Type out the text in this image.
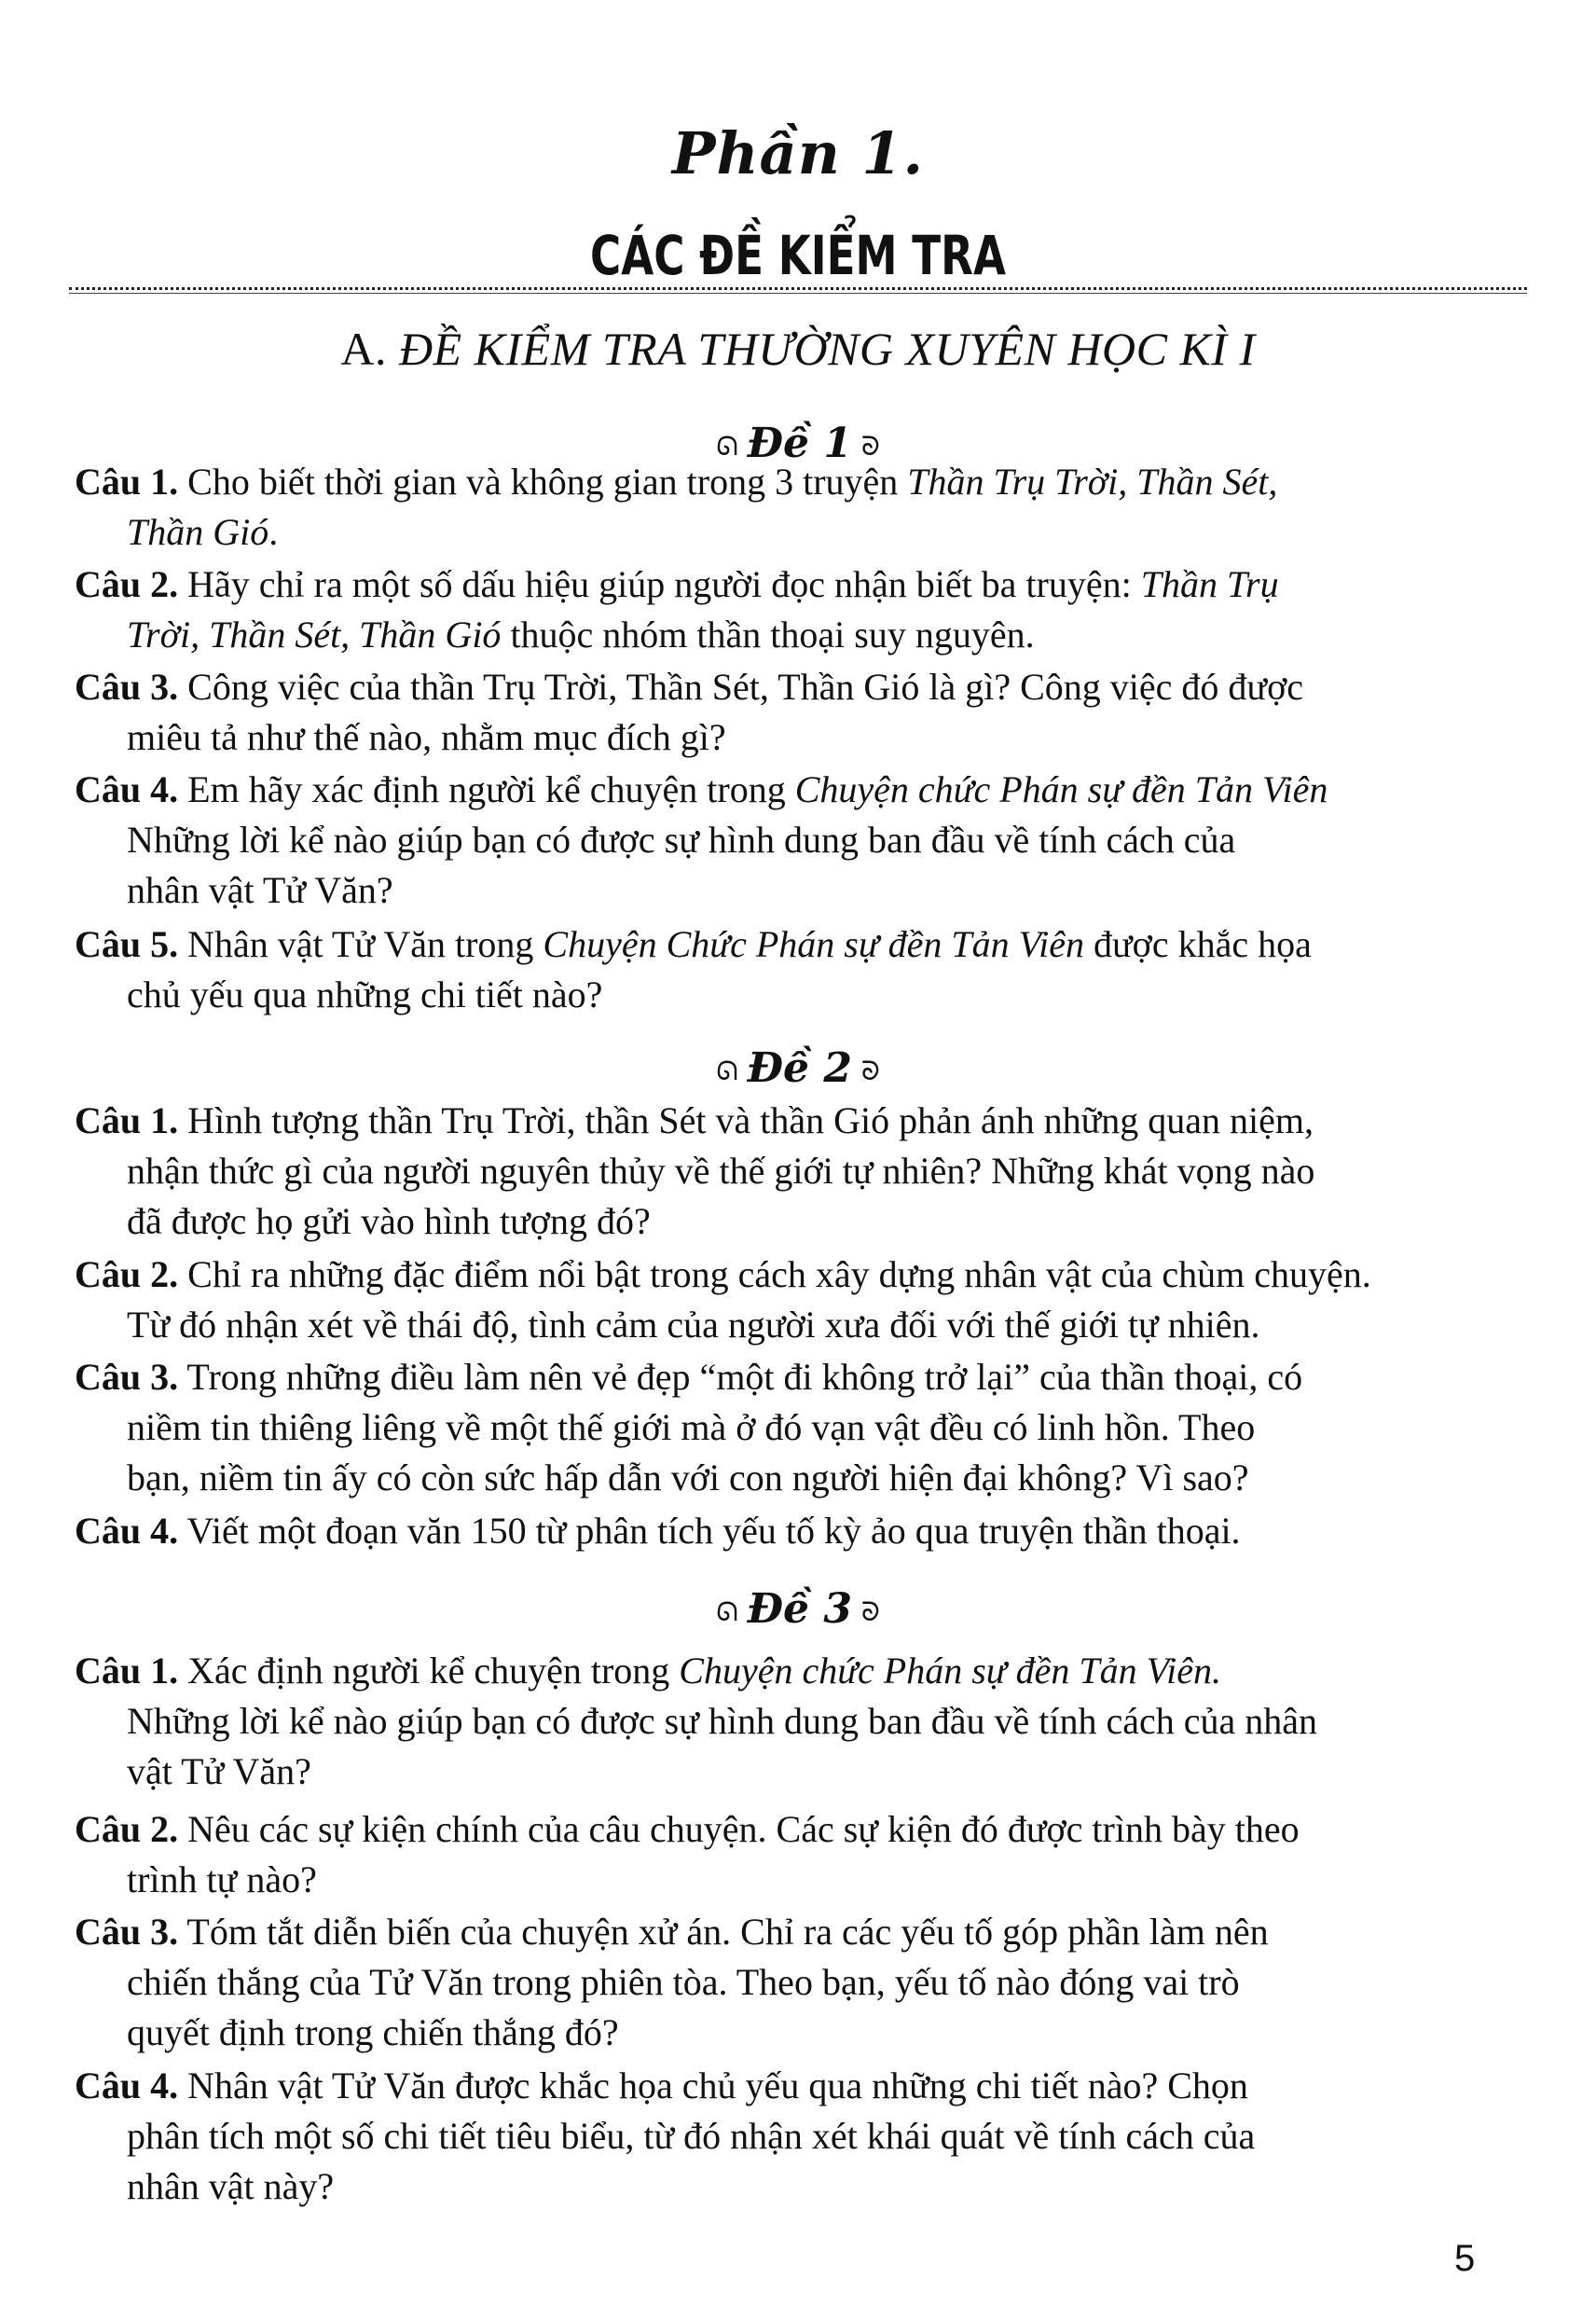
Phần 1.
CÁC ĐỀ KIỂM TRA
A. ĐỀ KIỂM TRA THƯỜNG XUYÊN HỌC KÌ I
ᘏ Đề 1 ᘐ
Câu 1. Cho biết thời gian và không gian trong 3 truyện Thần Trụ Trời, Thần Sét,
Thần Gió.
Câu 2. Hãy chỉ ra một số dấu hiệu giúp người đọc nhận biết ba truyện: Thần Trụ
Trời, Thần Sét, Thần Gió thuộc nhóm thần thoại suy nguyên.
Câu 3. Công việc của thần Trụ Trời, Thần Sét, Thần Gió là gì? Công việc đó được
miêu tả như thế nào, nhằm mục đích gì?
Câu 4. Em hãy xác định người kể chuyện trong Chuyện chức Phán sự đền Tản Viên
Những lời kể nào giúp bạn có được sự hình dung ban đầu về tính cách của
nhân vật Tử Văn?
Câu 5. Nhân vật Tử Văn trong Chuyện Chức Phán sự đền Tản Viên được khắc họa
chủ yếu qua những chi tiết nào?
ᘏ Đề 2 ᘐ
Câu 1. Hình tượng thần Trụ Trời, thần Sét và thần Gió phản ánh những quan niệm,
nhận thức gì của người nguyên thủy về thế giới tự nhiên? Những khát vọng nào
đã được họ gửi vào hình tượng đó?
Câu 2. Chỉ ra những đặc điểm nổi bật trong cách xây dựng nhân vật của chùm chuyện.
Từ đó nhận xét về thái độ, tình cảm của người xưa đối với thế giới tự nhiên.
Câu 3. Trong những điều làm nên vẻ đẹp “một đi không trở lại” của thần thoại, có
niềm tin thiêng liêng về một thế giới mà ở đó vạn vật đều có linh hồn. Theo
bạn, niềm tin ấy có còn sức hấp dẫn với con người hiện đại không? Vì sao?
Câu 4. Viết một đoạn văn 150 từ phân tích yếu tố kỳ ảo qua truyện thần thoại.
ᘏ Đề 3 ᘐ
Câu 1. Xác định người kể chuyện trong Chuyện chức Phán sự đền Tản Viên.
Những lời kể nào giúp bạn có được sự hình dung ban đầu về tính cách của nhân
vật Tử Văn?
Câu 2. Nêu các sự kiện chính của câu chuyện. Các sự kiện đó được trình bày theo
trình tự nào?
Câu 3. Tóm tắt diễn biến của chuyện xử án. Chỉ ra các yếu tố góp phần làm nên
chiến thắng của Tử Văn trong phiên tòa. Theo bạn, yếu tố nào đóng vai trò
quyết định trong chiến thắng đó?
Câu 4. Nhân vật Tử Văn được khắc họa chủ yếu qua những chi tiết nào? Chọn
phân tích một số chi tiết tiêu biểu, từ đó nhận xét khái quát về tính cách của
nhân vật này?
5
